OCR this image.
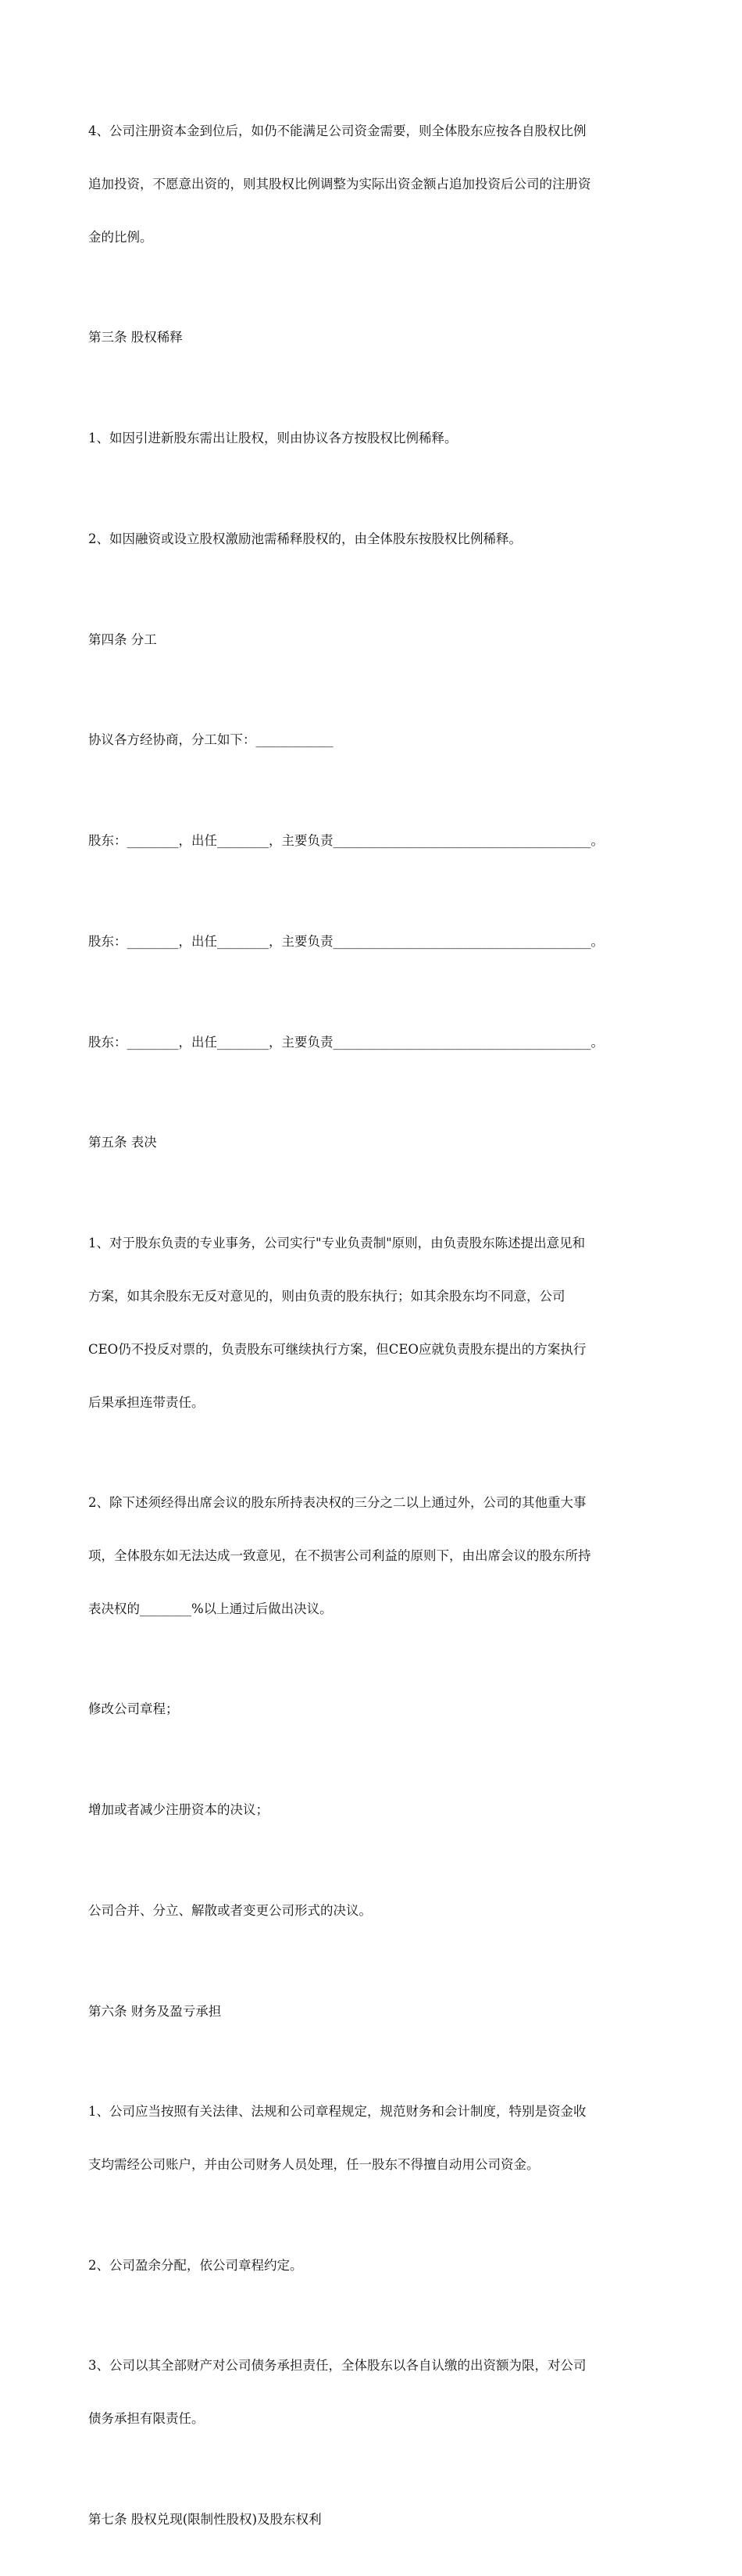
4、公司注册资本金到位后，如仍不能满足公司资金需要，则全体股东应按各自股权比例

追加投资，不愿意出资的，则其股权比例调整为实际出资金额占追加投资后公司的注册资

金的比例。

第三条 股权稀释

1、如因引进新股东需出让股权，则由协议各方按股权比例稀释。

2、如因融资或设立股权激励池需稀释股权的，由全体股东按股权比例稀释。

第四条 分工

协议各方经协商，分工如下：____________

股东：________，出任________，主要负责________________________________________。

股东：________，出任________，主要负责________________________________________。

股东：________，出任________，主要负责________________________________________。

第五条 表决

1、对于股东负责的专业事务，公司实行"专业负责制"原则，由负责股东陈述提出意见和

方案，如其余股东无反对意见的，则由负责的股东执行；如其余股东均不同意，公司

CEO仍不投反对票的，负责股东可继续执行方案，但CEO应就负责股东提出的方案执行

后果承担连带责任。

2、除下述须经得出席会议的股东所持表决权的三分之二以上通过外，公司的其他重大事

项，全体股东如无法达成一致意见，在不损害公司利益的原则下，由出席会议的股东所持

表决权的________%以上通过后做出决议。

修改公司章程；

增加或者减少注册资本的决议；

公司合并、分立、解散或者变更公司形式的决议。

第六条 财务及盈亏承担

1、公司应当按照有关法律、法规和公司章程规定，规范财务和会计制度，特别是资金收

支均需经公司账户，并由公司财务人员处理，任一股东不得擅自动用公司资金。

2、公司盈余分配，依公司章程约定。

3、公司以其全部财产对公司债务承担责任，全体股东以各自认缴的出资额为限，对公司

债务承担有限责任。

第七条 股权兑现(限制性股权)及股东权利
